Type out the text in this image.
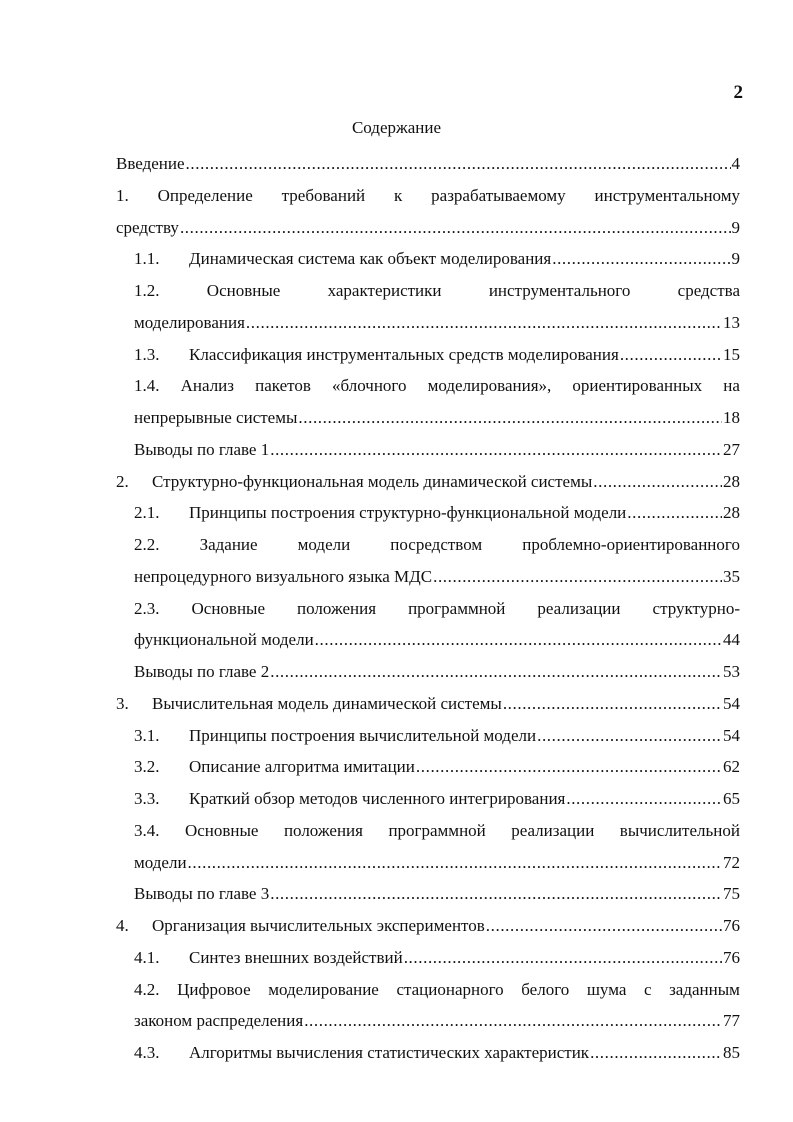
2
Содержание
Введение .....	4
1. Определение требований к разрабатываемому инструментальному
средству .....	9
1.1. Динамическая система как объект моделирования .....	9
1.2.	Основные	характеристики	инструментального	средства
моделирования .....	13
1.3. Классификация инструментальных средств моделирования .....	15
1.4. Анализ пакетов «блочного моделирования», ориентированных на
непрерывные системы .....	18
Выводы по главе 1 .....	27
2. Структурно-функциональная модель динамической системы .....	28
2.1. Принципы построения структурно-функциональной модели .....	28
2.2. Задание модели посредством проблемно-ориентированного
непроцедурного визуального языка МДС .....	35
2.3. Основные положения программной реализации структурно-
функциональной модели .....	44
Выводы по главе 2 .....	53
3. Вычислительная модель динамической системы .....	54
3.1. Принципы построения вычислительной модели .....	54
3.2. Описание алгоритма имитации .....	62
3.3. Краткий обзор методов численного интегрирования .....	65
3.4. Основные положения программной реализации вычислительной
модели .....	72
Выводы по главе 3 .....	75
4. Организация вычислительных экспериментов .....	76
4.1. Синтез внешних воздействий .....	76
4.2. Цифровое моделирование стационарного белого шума с заданным
законом распределения .....	77
4.3. Алгоритмы вычисления статистических характеристик .....	85
